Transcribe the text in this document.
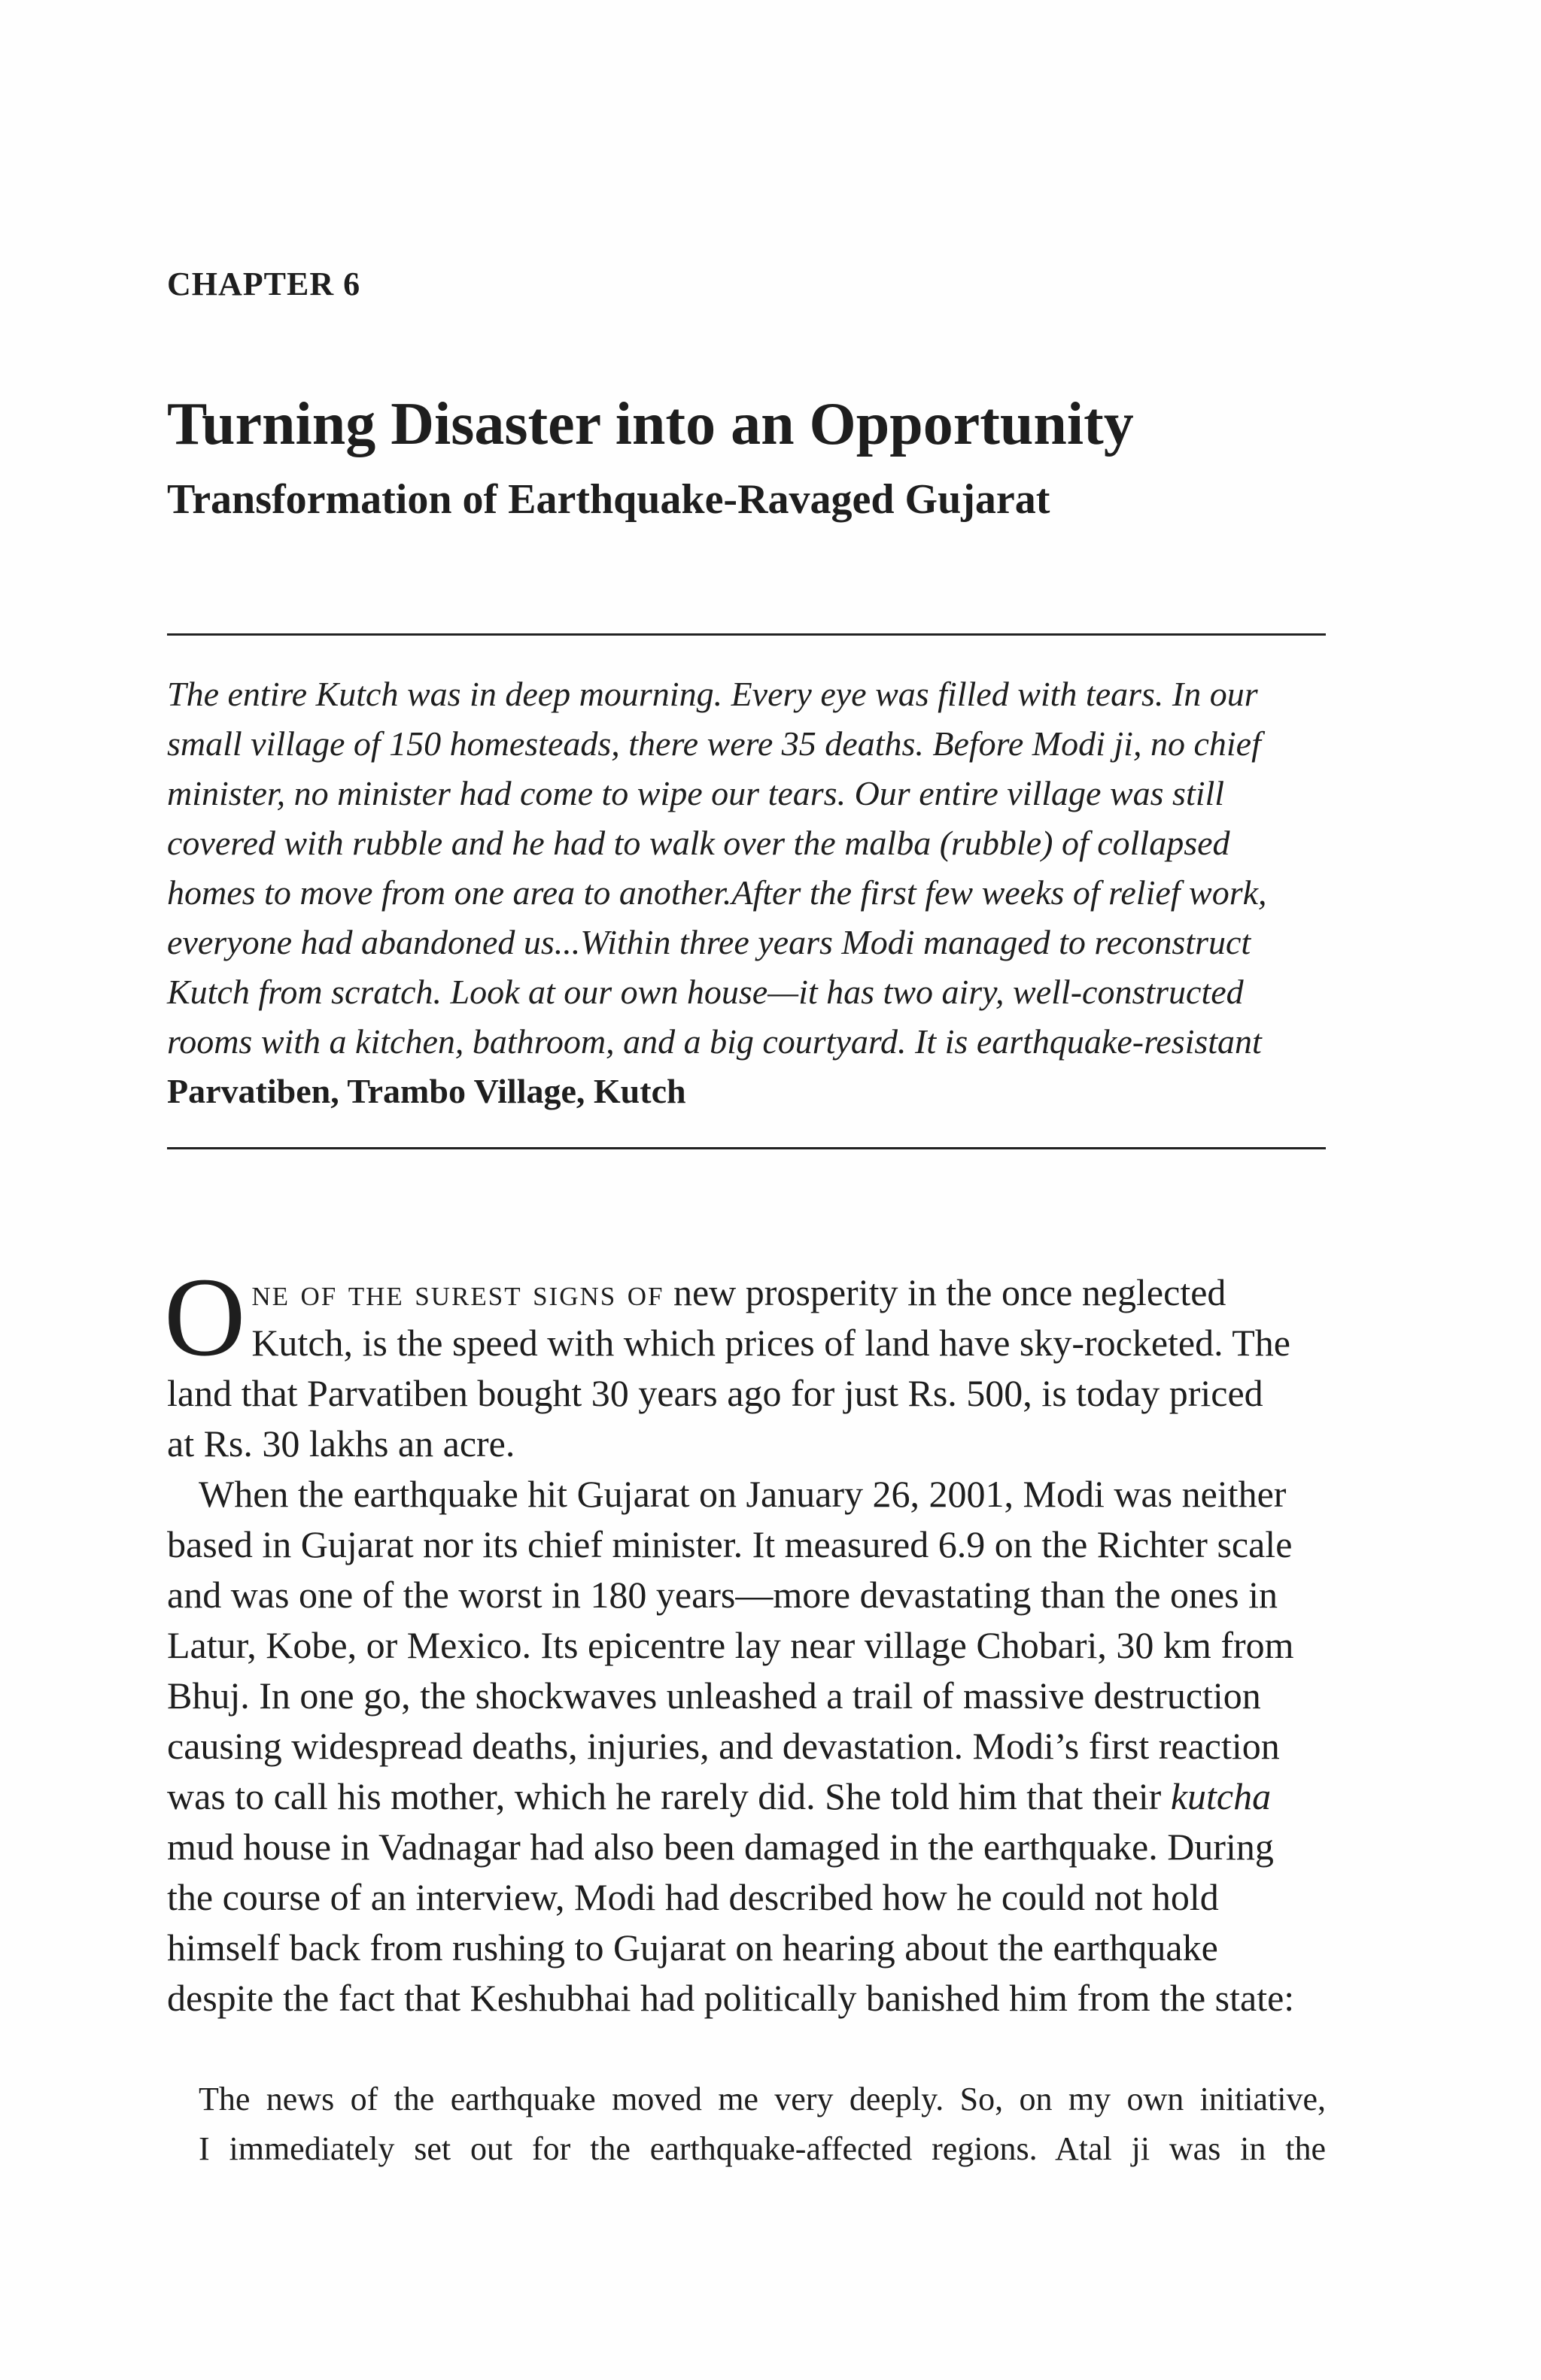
CHAPTER 6
Turning Disaster into an Opportunity
Transformation of Earthquake-Ravaged Gujarat
The entire Kutch was in deep mourning. Every eye was filled with tears. In our
small village of 150 homesteads, there were 35 deaths. Before Modi ji, no chief
minister, no minister had come to wipe our tears. Our entire village was still
covered with rubble and he had to walk over the malba (rubble) of collapsed
homes to move from one area to another.After the first few weeks of relief work,
everyone had abandoned us...Within three years Modi managed to reconstruct
Kutch from scratch. Look at our own house—it has two airy, well-constructed
rooms with a kitchen, bathroom, and a big courtyard. It is earthquake-resistant
Parvatiben, Trambo Village, Kutch
O ne of the surest signs of new prosperity in the once neglected
Kutch, is the speed with which prices of land have sky-rocketed. The
land that Parvatiben bought 30 years ago for just Rs. 500, is today priced
at Rs. 30 lakhs an acre.
When the earthquake hit Gujarat on January 26, 2001, Modi was neither
based in Gujarat nor its chief minister. It measured 6.9 on the Richter scale
and was one of the worst in 180 years—more devastating than the ones in
Latur, Kobe, or Mexico. Its epicentre lay near village Chobari, 30 km from
Bhuj. In one go, the shockwaves unleashed a trail of massive destruction
causing widespread deaths, injuries, and devastation. Modi’s first reaction
was to call his mother, which he rarely did. She told him that their kutcha
mud house in Vadnagar had also been damaged in the earthquake. During
the course of an interview, Modi had described how he could not hold
himself back from rushing to Gujarat on hearing about the earthquake
despite the fact that Keshubhai had politically banished him from the state:
The news of the earthquake moved me very deeply. So, on my own initiative,
I immediately set out for the earthquake-affected regions. Atal ji was in the
